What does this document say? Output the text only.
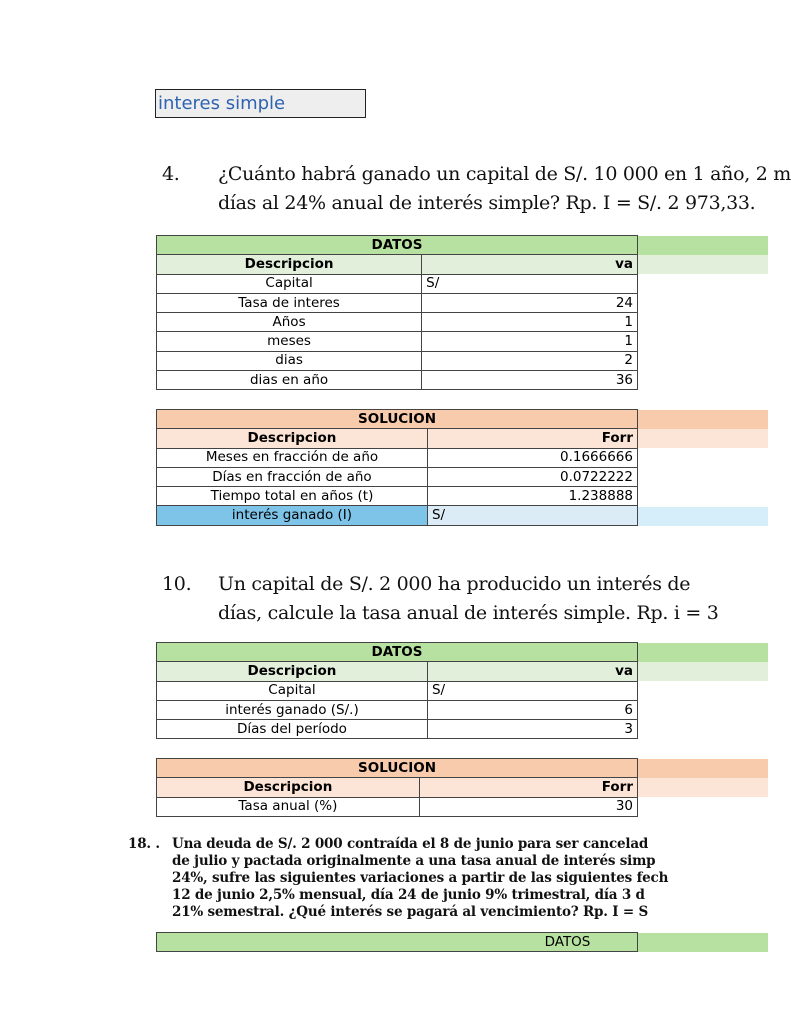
interes simple
4. ¿Cuánto habrá ganado un capital de S/. 10 000 en 1 año, 2 m
días al 24% anual de interés simple? Rp. I = S/. 2 973,33.
DATOS	
Descripcion	va
Capital	S/
Tasa de interes	24
Años	1
meses	1
dias	2
dias en año	36
SOLUCION	
Descripcion	Forr
Meses en fracción de año	0.1666666
Días en fracción de año	0.0722222
Tiempo total en años (t)	1.238888
interés ganado (I)	S/
10. Un capital de S/. 2 000 ha producido un interés de
días, calcule la tasa anual de interés simple. Rp. i = 3
DATOS	
Descripcion	va
Capital	S/
interés ganado (S/.)	6
Días del período	3
SOLUCION	
Descripcion	Forr
Tasa anual (%)	30
18. . Una deuda de S/. 2 000 contraída el 8 de junio para ser cancelad
de julio y pactada originalmente a una tasa anual de interés simp
24%, sufre las siguientes variaciones a partir de las siguientes fech
12 de junio 2,5% mensual, día 24 de junio 9% trimestral, día 3 d
21% semestral. ¿Qué interés se pagará al vencimiento? Rp. I = S
DATOS
